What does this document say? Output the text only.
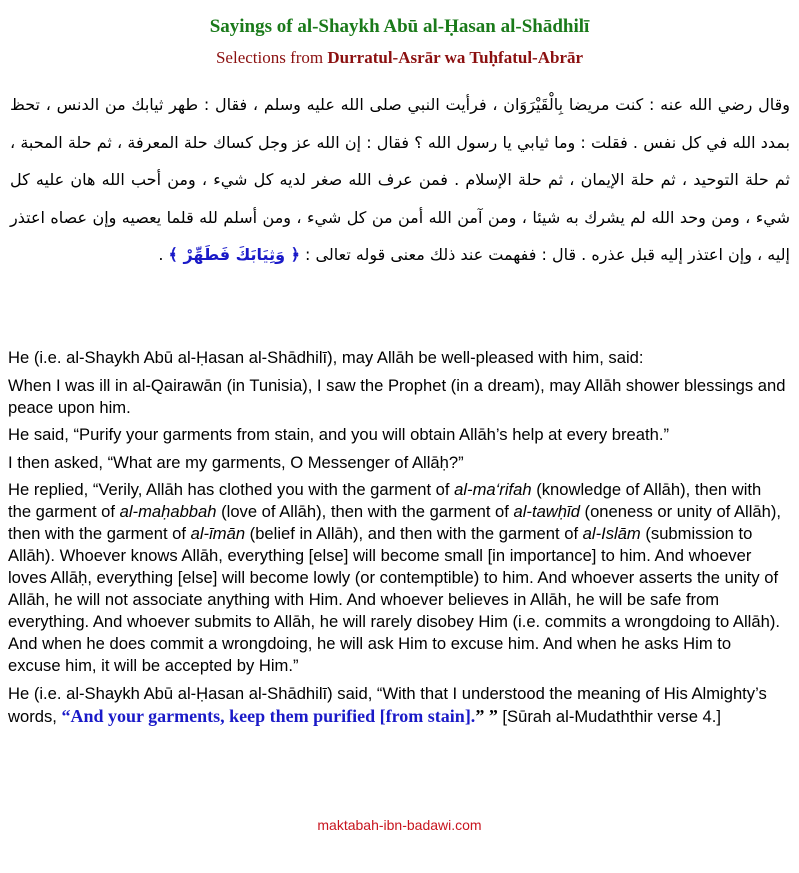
Sayings of al-Shaykh Abū al-Ḥasan al-Shādhilī
Selections from Durratul-Asrār wa Tuḥfatul-Abrār
وقال رضي الله عنه : كنت مريضا بِالْقَيْرَوَان ، فرأيت النبي صلى الله عليه وسلم ، فقال : طهر ثيابك من الدنس ، تحظ بمدد الله في كل نفس . فقلت : وما ثيابي يا رسول الله ؟ فقال : إن الله عز وجل كساك حلة المعرفة ، ثم حلة المحبة ، ثم حلة التوحيد ، ثم حلة الإيمان ، ثم حلة الإسلام . فمن عرف الله صغر لديه كل شيء ، ومن أحب الله هان عليه كل شيء ، ومن وحد الله لم يشرك به شيئا ، ومن آمن الله أمن من كل شيء ، ومن أسلم لله قلما يعصيه وإن عصاه اعتذر إليه ، وإن اعتذر إليه قبل عذره . قال : ففهمت عند ذلك معنى قوله تعالى : ﴿ وَثِيَابَكَ فَطَهِّرْ ﴾ .

He (i.e. al-Shaykh Abū al-Ḥasan al-Shādhilī), may Allāh be well-pleased with him, said:

When I was ill in al-Qairawān (in Tunisia), I saw the Prophet (in a dream), may Allāh shower blessings and peace upon him.

He said, “Purify your garments from stain, and you will obtain Allāh’s help at every breath.”

I then asked, “What are my garments, O Messenger of Allāḥ?”

He replied, “Verily, Allāh has clothed you with the garment of al-ma‘rifah (knowledge of Allāh), then with the garment of al-maḥabbah (love of Allāh), then with the garment of al-tawḥīd (oneness or unity of Allāh), then with the garment of al-īmān (belief in Allāh), and then with the garment of al-Islām (submission to Allāh). Whoever knows Allāh, everything [else] will become small [in importance] to him. And whoever loves Allāḥ, everything [else] will become lowly (or contemptible) to him. And whoever asserts the unity of Allāh, he will not associate anything with Him. And whoever believes in Allāh, he will be safe from everything. And whoever submits to Allāh, he will rarely disobey Him (i.e. commits a wrongdoing to Allāh). And when he does commit a wrongdoing, he will ask Him to excuse him. And when he asks Him to excuse him, it will be accepted by Him.”

He (i.e. al-Shaykh Abū al-Ḥasan al-Shādhilī) said, “With that I understood the meaning of His Almighty’s words, “And your garments, keep them purified [from stain].” ” [Sūrah al-Mudaththir verse 4.]

maktabah-ibn-badawi.com
